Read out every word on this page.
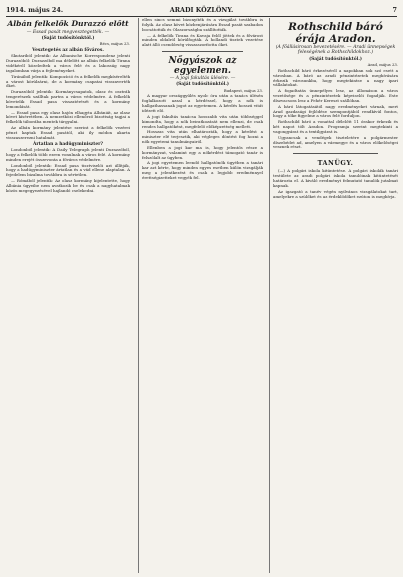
1914. május 24.	ARADI KÖZLÖNY.	7
Albán felkelők Durazzó előtt
— Essad pasát megvesztegették. —
(Saját tudósítónktól.)
Bécs, május 23.
Vesztegetés az albán főváros.

Skutariból jelentik: Az Albanische Korrespondenz jelenti Durazzóból: Durazzóból ma délelőtt az albán felkelők Tirana vidékéről közeledtek a város felé és a lakosság nagy izgalomban várja a fejleményeket.

Tiránából jelentik: Kompozíció és a felkelők megkísérelték a várost körülzárni, de a kormány csapatai visszaverték őket.

Durazzóból jelentik: Kormánycsapatok, olasz és osztrák tengerészek szálltak partra a város védelmére. A felkelők követelik Essad pasa visszatérését és a kormány lemondását.

— Essad pasa egy olasz hajón elhagyta Albániát, az olasz követ kíséretében. A nemzetközi ellenőrző bizottság tagjai a felkelők táborába mentek tárgyalni.

Az albán kormány jelentése szerint a felkelők vezérei pénzt kaptak Essad pasától, aki ily módon akarta visszaszerezni hatalmát.

Ártatlan a hadügyminiszter?

Londonból jelentik: A Daily Telegraph jelenti Durazzóból, hogy a felkelők több ezren vonulnak a város felé. A kormány minden erejét összevonta a főváros védelmére.

Londonból jelentik: Essad pasa tisztviselői azt állítják, hogy a hadügyminiszter ártatlan és a vád ellene alaptalan. A fejedelem bizalma továbbra is sértetlen.

— Rómából jelentik: Az olasz kormány kijelentette, hogy Albánia ügyeibe nem avatkozik be és csak a nagyhatalmak közös megegyezésével hajlandó cselekedni.

ellen sincs semmi bizonyíték és a vizsgálat továbbra is folyik. Az olasz követ közbenjárására Essad pasát szabadon bocsátották és Olaszországba szállították.

— A felkelők Tirana és Kavaja felől jöttek és a fővárost minden oldalról körülfogták. A hollandi tisztek vezetése alatt álló csendőrség visszaszorította őket.

Nőgyászok az egyelemen.
— A jogi fakultás ülésére. —
(Saját tudósítónktól.)
Budapest, május 23.

A magyar országgyűlés nyolc óra után a tanács ülésén foglalkozott azzal a kérdéssel, hogy a nők is hallgathassanak jogot az egyetemen. A kérdés hosszú vitát idézett elő.

A jogi fakultás tanácsa hosszabb vita után többséggel kimondta, hogy a nők beiratkozását nem ellenzi, de csak rendes hallgatóként, megfelelő előképzettség mellett.

Hosszas vita után elhatározták, hogy a kérdést a miniszter elé terjesztik, aki végleges döntést fog hozni a nők egyetemi tanulmányairól.

Ellenben a jogi kar ma is, hogy jelentős része a kormányzat, valamint egy a nőkérdést támogató tanár is felszólalt az ügyben.

A jogi egyetemen leendő hallgatónők ügyében a tanári kar azt kérte, hogy minden egyes esetben külön vizsgálják meg a jelentkezést és csak a legjobb eredménnyel érettségizetteket vegyék fel.

Rothschild báró érája Aradon.
(A főállásirosan bevezetésére. — Aradi ünnepségek feleségének a Rothschildokhoz.)
(Saját tudósítónktól.)
Arad, május 23.

Rothschild báró érkezéséről a napokban sok szó esett a városban. A báró az aradi pénzintézetek meghívására érkezik városunkba, hogy megtekintse a nagy ipari vállalatokat.

A fogadtatás ünnepélyes lesz, az állomáson a város vezetősége és a pénzintézetek képviselői fogadják. Este díszvacsora lesz a Fehér Kereszt szállóban.

A báró látogatásától nagy eredményeket várnak, mert Arad gazdasági fejlődése szempontjából rendkívül fontos, hogy a tőke figyelme a város felé forduljon.

Rothschild báró a vonattal délelőtt 11 órakor érkezik és két napot tölt Aradon. Programja szerint megtekinti a vagongyárat és a textilgyárat is.

Ugyancsak a vendégek tiszteletére a polgármester díszebédet ad, amelyen a vármegye és a város előkelőségei vesznek részt.

TANÜGY.

(—) A polgári iskola kitüntetése. A polgári iskolák tanári testülete az aradi polgári iskola tanulóinak kitüntetését határozta el. A kiváló eredményt felmutató tanulók jutalmat kapnak.

Az igazgató a tanév végén nyilvános vizsgálatokat tart, amelyekre a szülőket és az érdeklődőket ezúton is meghívja.
